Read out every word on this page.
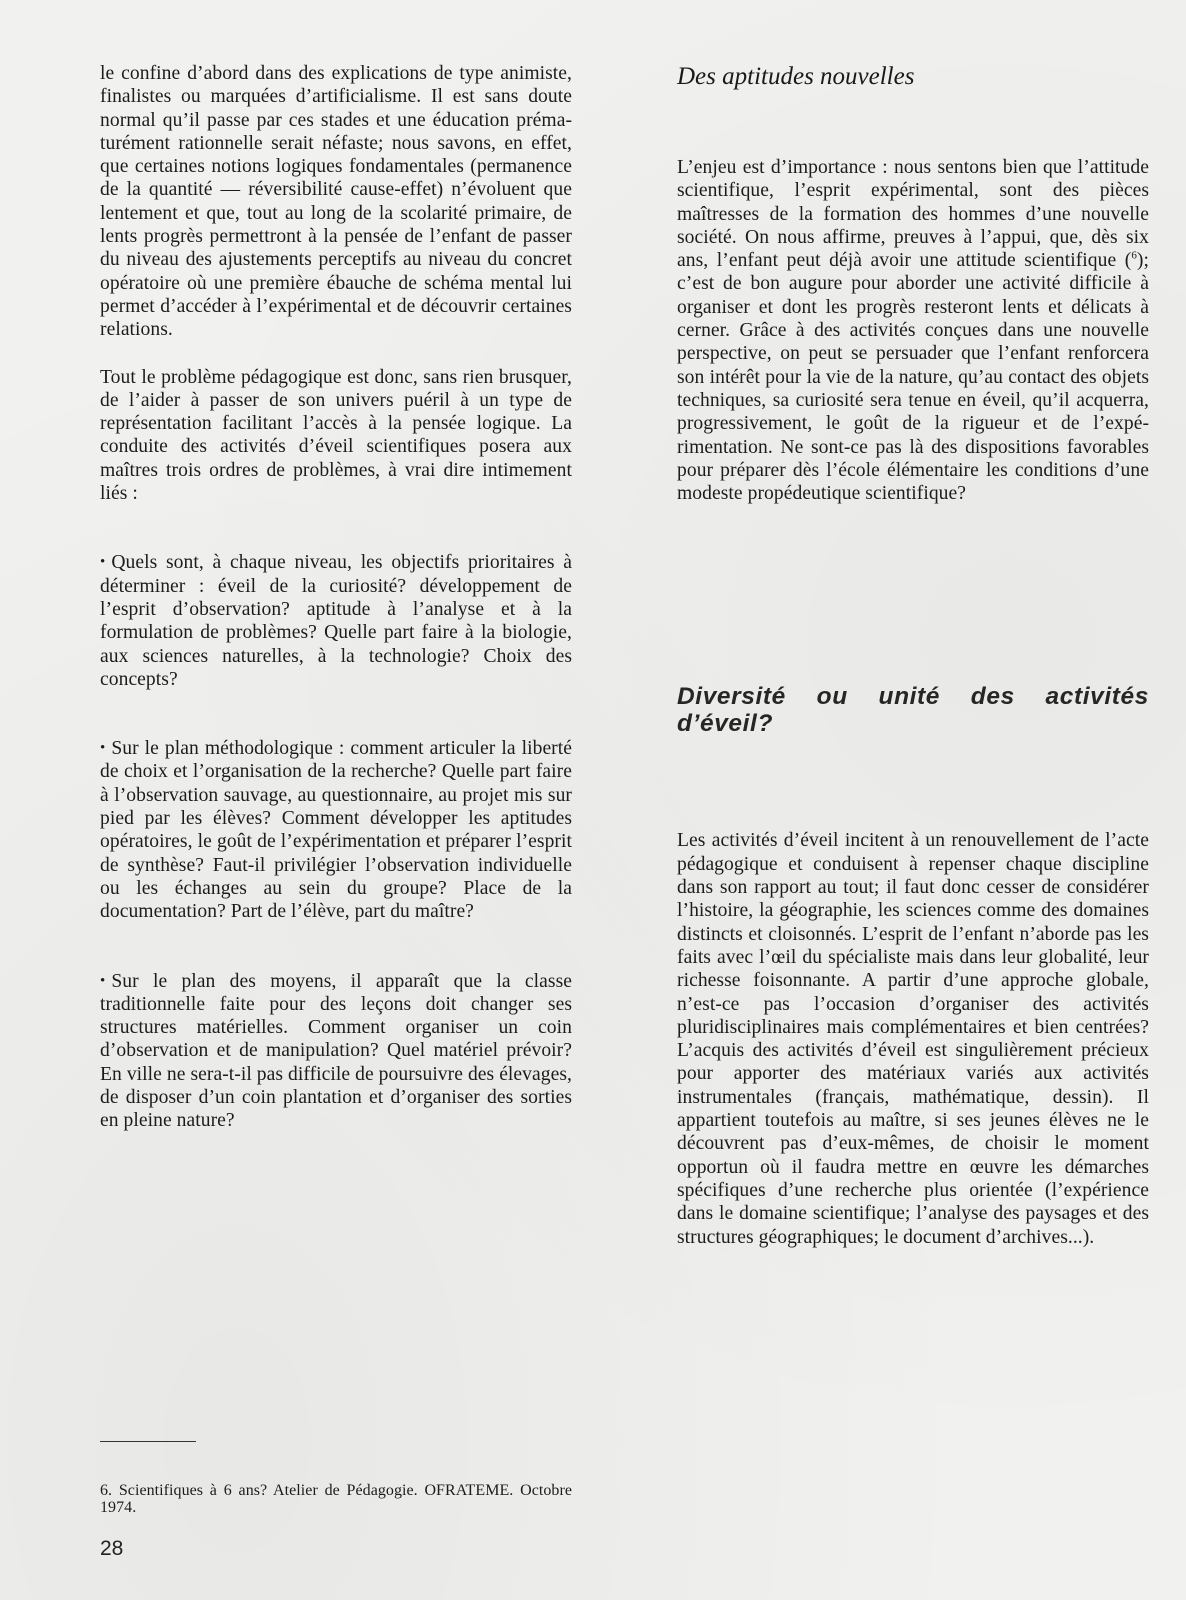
le confine d’abord dans des explications de type animiste, finalistes ou marquées d’artificialisme. Il est sans doute normal qu’il passe par ces stades et une éducation prématurément rationnelle serait néfaste; nous savons, en effet, que certaines notions logiques fondamentales (permanence de la quantité — réversibilité cause-effet) n’évoluent que lentement et que, tout au long de la scolarité primaire, de lents progrès permettront à la pensée de l’enfant de passer du niveau des ajustements perceptifs au niveau du concret opératoire où une première ébauche de schéma mental lui permet d’accéder à l’expérimental et de découvrir certaines relations.

Tout le problème pédagogique est donc, sans rien brusquer, de l’aider à passer de son univers puéril à un type de représentation facilitant l’accès à la pensée logique. La conduite des activités d’éveil scientifiques posera aux maîtres trois ordres de problèmes, à vrai dire intimement liés :

• Quels sont, à chaque niveau, les objectifs prioritaires à déterminer : éveil de la curiosité? développement de l’esprit d’observation? aptitude à l’analyse et à la formulation de problèmes? Quelle part faire à la biologie, aux sciences naturelles, à la technologie? Choix des concepts?

• Sur le plan méthodologique : comment articuler la liberté de choix et l’organisation de la recherche? Quelle part faire à l’observation sauvage, au questionnaire, au projet mis sur pied par les élèves? Comment développer les aptitudes opératoires, le goût de l’expérimentation et préparer l’esprit de synthèse? Faut-il privilégier l’observation individuelle ou les échanges au sein du groupe? Place de la documentation? Part de l’élève, part du maître?

• Sur le plan des moyens, il apparaît que la classe traditionnelle faite pour des leçons doit changer ses structures matérielles. Comment organiser un coin d’observation et de manipulation? Quel matériel prévoir? En ville ne sera-t-il pas difficile de poursuivre des élevages, de disposer d’un coin plantation et d’organiser des sorties en pleine nature?

Des aptitudes nouvelles

L’enjeu est d’importance : nous sentons bien que l’attitude scientifique, l’esprit expérimental, sont des pièces maîtresses de la formation des hommes d’une nouvelle société. On nous affirme, preuves à l’appui, que, dès six ans, l’enfant peut déjà avoir une attitude scientifique ($^6$); c’est de bon augure pour aborder une activité difficile à organiser et dont les progrès resteront lents et délicats à cerner. Grâce à des activités conçues dans une nouvelle perspective, on peut se persuader que l’enfant renforcera son intérêt pour la vie de la nature, qu’au contact des objets techniques, sa curiosité sera tenue en éveil, qu’il acquerra, progressivement, le goût de la rigueur et de l’expérimentation. Ne sont-ce pas là des dispositions favorables pour préparer dès l’école élémentaire les conditions d’une modeste propédeutique scientifique?

Diversité ou unité des activités d’éveil?

Les activités d’éveil incitent à un renouvellement de l’acte pédagogique et conduisent à repenser chaque discipline dans son rapport au tout; il faut donc cesser de considérer l’histoire, la géographie, les sciences comme des domaines distincts et cloisonnés. L’esprit de l’enfant n’aborde pas les faits avec l’œil du spécialiste mais dans leur globalité, leur richesse foisonnante. A partir d’une approche globale, n’est-ce pas l’occasion d’organiser des activités pluridisciplinaires mais complémentaires et bien centrées? L’acquis des activités d’éveil est singulièrement précieux pour apporter des matériaux variés aux activités instrumentales (français, mathématique, dessin). Il appartient toutefois au maître, si ses jeunes élèves ne le découvrent pas d’eux-mêmes, de choisir le moment opportun où il faudra mettre en œuvre les démarches spécifiques d’une recherche plus orientée (l’expérience dans le domaine scientifique; l’analyse des paysages et des structures géographiques; le document d’archives...).

6. Scientifiques à 6 ans? Atelier de Pédagogie. OFRATEME. Octobre 1974.

28
